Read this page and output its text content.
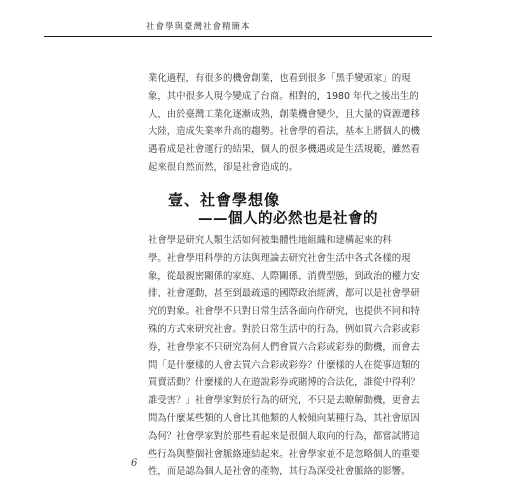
社會學與臺灣社會精簡本

業化過程，有很多的機會創業，也看到很多「黑手變頭家」的現
象，其中很多人現今變成了台商。相對的，1980 年代之後出生的
人，由於臺灣工業化逐漸成熟，創業機會變少，且大量的資源遷移
大陸，造成失業率升高的趨勢。社會學的看法，基本上將個人的機
遇看成是社會運行的結果，個人的很多機遇或是生活規範，雖然看
起來很自然而然，卻是社會造成的。

壹、社會學想像
——個人的必然也是社會的

社會學是研究人類生活如何被集體性地組織和建構起來的科
學。社會學用科學的方法與理論去研究社會生活中各式各樣的現
象，從最親密關係的家庭、人際關係、消費型態，到政治的權力安
排、社會運動，甚至到最疏遠的國際政治經濟，都可以是社會學研
究的對象。社會學不只對日常生活各面向作研究，也提供不同和特
殊的方式來研究社會。對於日常生活中的行為，例如買六合彩或彩
券，社會學家不只研究為何人們會買六合彩或彩券的動機，而會去
問「是什麼樣的人會去買六合彩或彩券？什麼樣的人在從事這類的
買賣活動？什麼樣的人在遊說彩券或賭博的合法化，誰從中得利？
誰受害？」社會學家對於行為的研究，不只是去瞭解動機，更會去
問為什麼某些類的人會比其他類的人較傾向某種行為，其社會原因
為何？社會學家對於那些看起來是很個人取向的行為，都嘗試將這
些行為與整個社會脈絡連結起來。社會學家並不是忽略個人的重要
性，而是認為個人是社會的產物，其行為深受社會脈絡的影響。

6
